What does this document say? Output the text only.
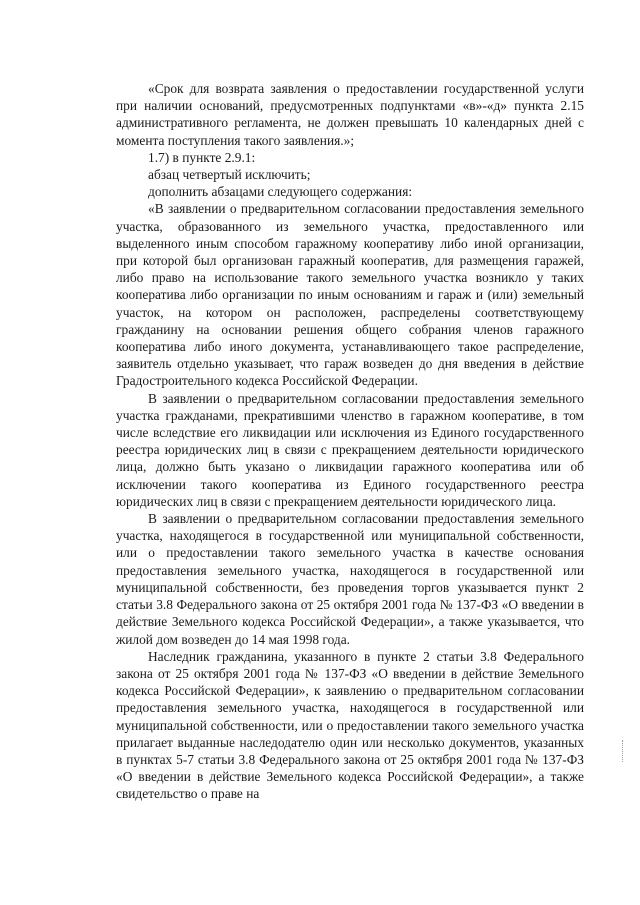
«Срок для возврата заявления о предоставлении государственной услуги при наличии оснований, предусмотренных подпунктами «в»-«д» пункта 2.15 административного регламента, не должен превышать 10 календарных дней с момента поступления такого заявления.»;

1.7) в пункте 2.9.1:

абзац четвертый исключить;

дополнить абзацами следующего содержания:

«В заявлении о предварительном согласовании предоставления земельного участка, образованного из земельного участка, предоставленного или выделенного иным способом гаражному кооперативу либо иной организации, при которой был организован гаражный кооператив, для размещения гаражей, либо право на использование такого земельного участка возникло у таких кооператива либо организации по иным основаниям и гараж и (или) земельный участок, на котором он расположен, распределены соответствующему гражданину на основании решения общего собрания членов гаражного кооператива либо иного документа, устанавливающего такое распределение, заявитель отдельно указывает, что гараж возведен до дня введения в действие Градостроительного кодекса Российской Федерации.

В заявлении о предварительном согласовании предоставления земельного участка гражданами, прекратившими членство в гаражном кооперативе, в том числе вследствие его ликвидации или исключения из Единого государственного реестра юридических лиц в связи с прекращением деятельности юридического лица, должно быть указано о ликвидации гаражного кооператива или об исключении такого кооператива из Единого государственного реестра юридических лиц в связи с прекращением деятельности юридического лица.

В заявлении о предварительном согласовании предоставления земельного участка, находящегося в государственной или муниципальной собственности, или о предоставлении такого земельного участка в качестве основания предоставления земельного участка, находящегося в государственной или муниципальной собственности, без проведения торгов указывается пункт 2 статьи 3.8 Федерального закона от 25 октября 2001 года № 137-ФЗ «О введении в действие Земельного кодекса Российской Федерации», а также указывается, что жилой дом возведен до 14 мая 1998 года.

Наследник гражданина, указанного в пункте 2 статьи 3.8 Федерального закона от 25 октября 2001 года № 137-ФЗ «О введении в действие Земельного кодекса Российской Федерации», к заявлению о предварительном согласовании предоставления земельного участка, находящегося в государственной или муниципальной собственности, или о предоставлении такого земельного участка прилагает выданные наследодателю один или несколько документов, указанных в пунктах 5-7 статьи 3.8 Федерального закона от 25 октября 2001 года № 137-ФЗ «О введении в действие Земельного кодекса Российской Федерации», а также свидетельство о праве на
